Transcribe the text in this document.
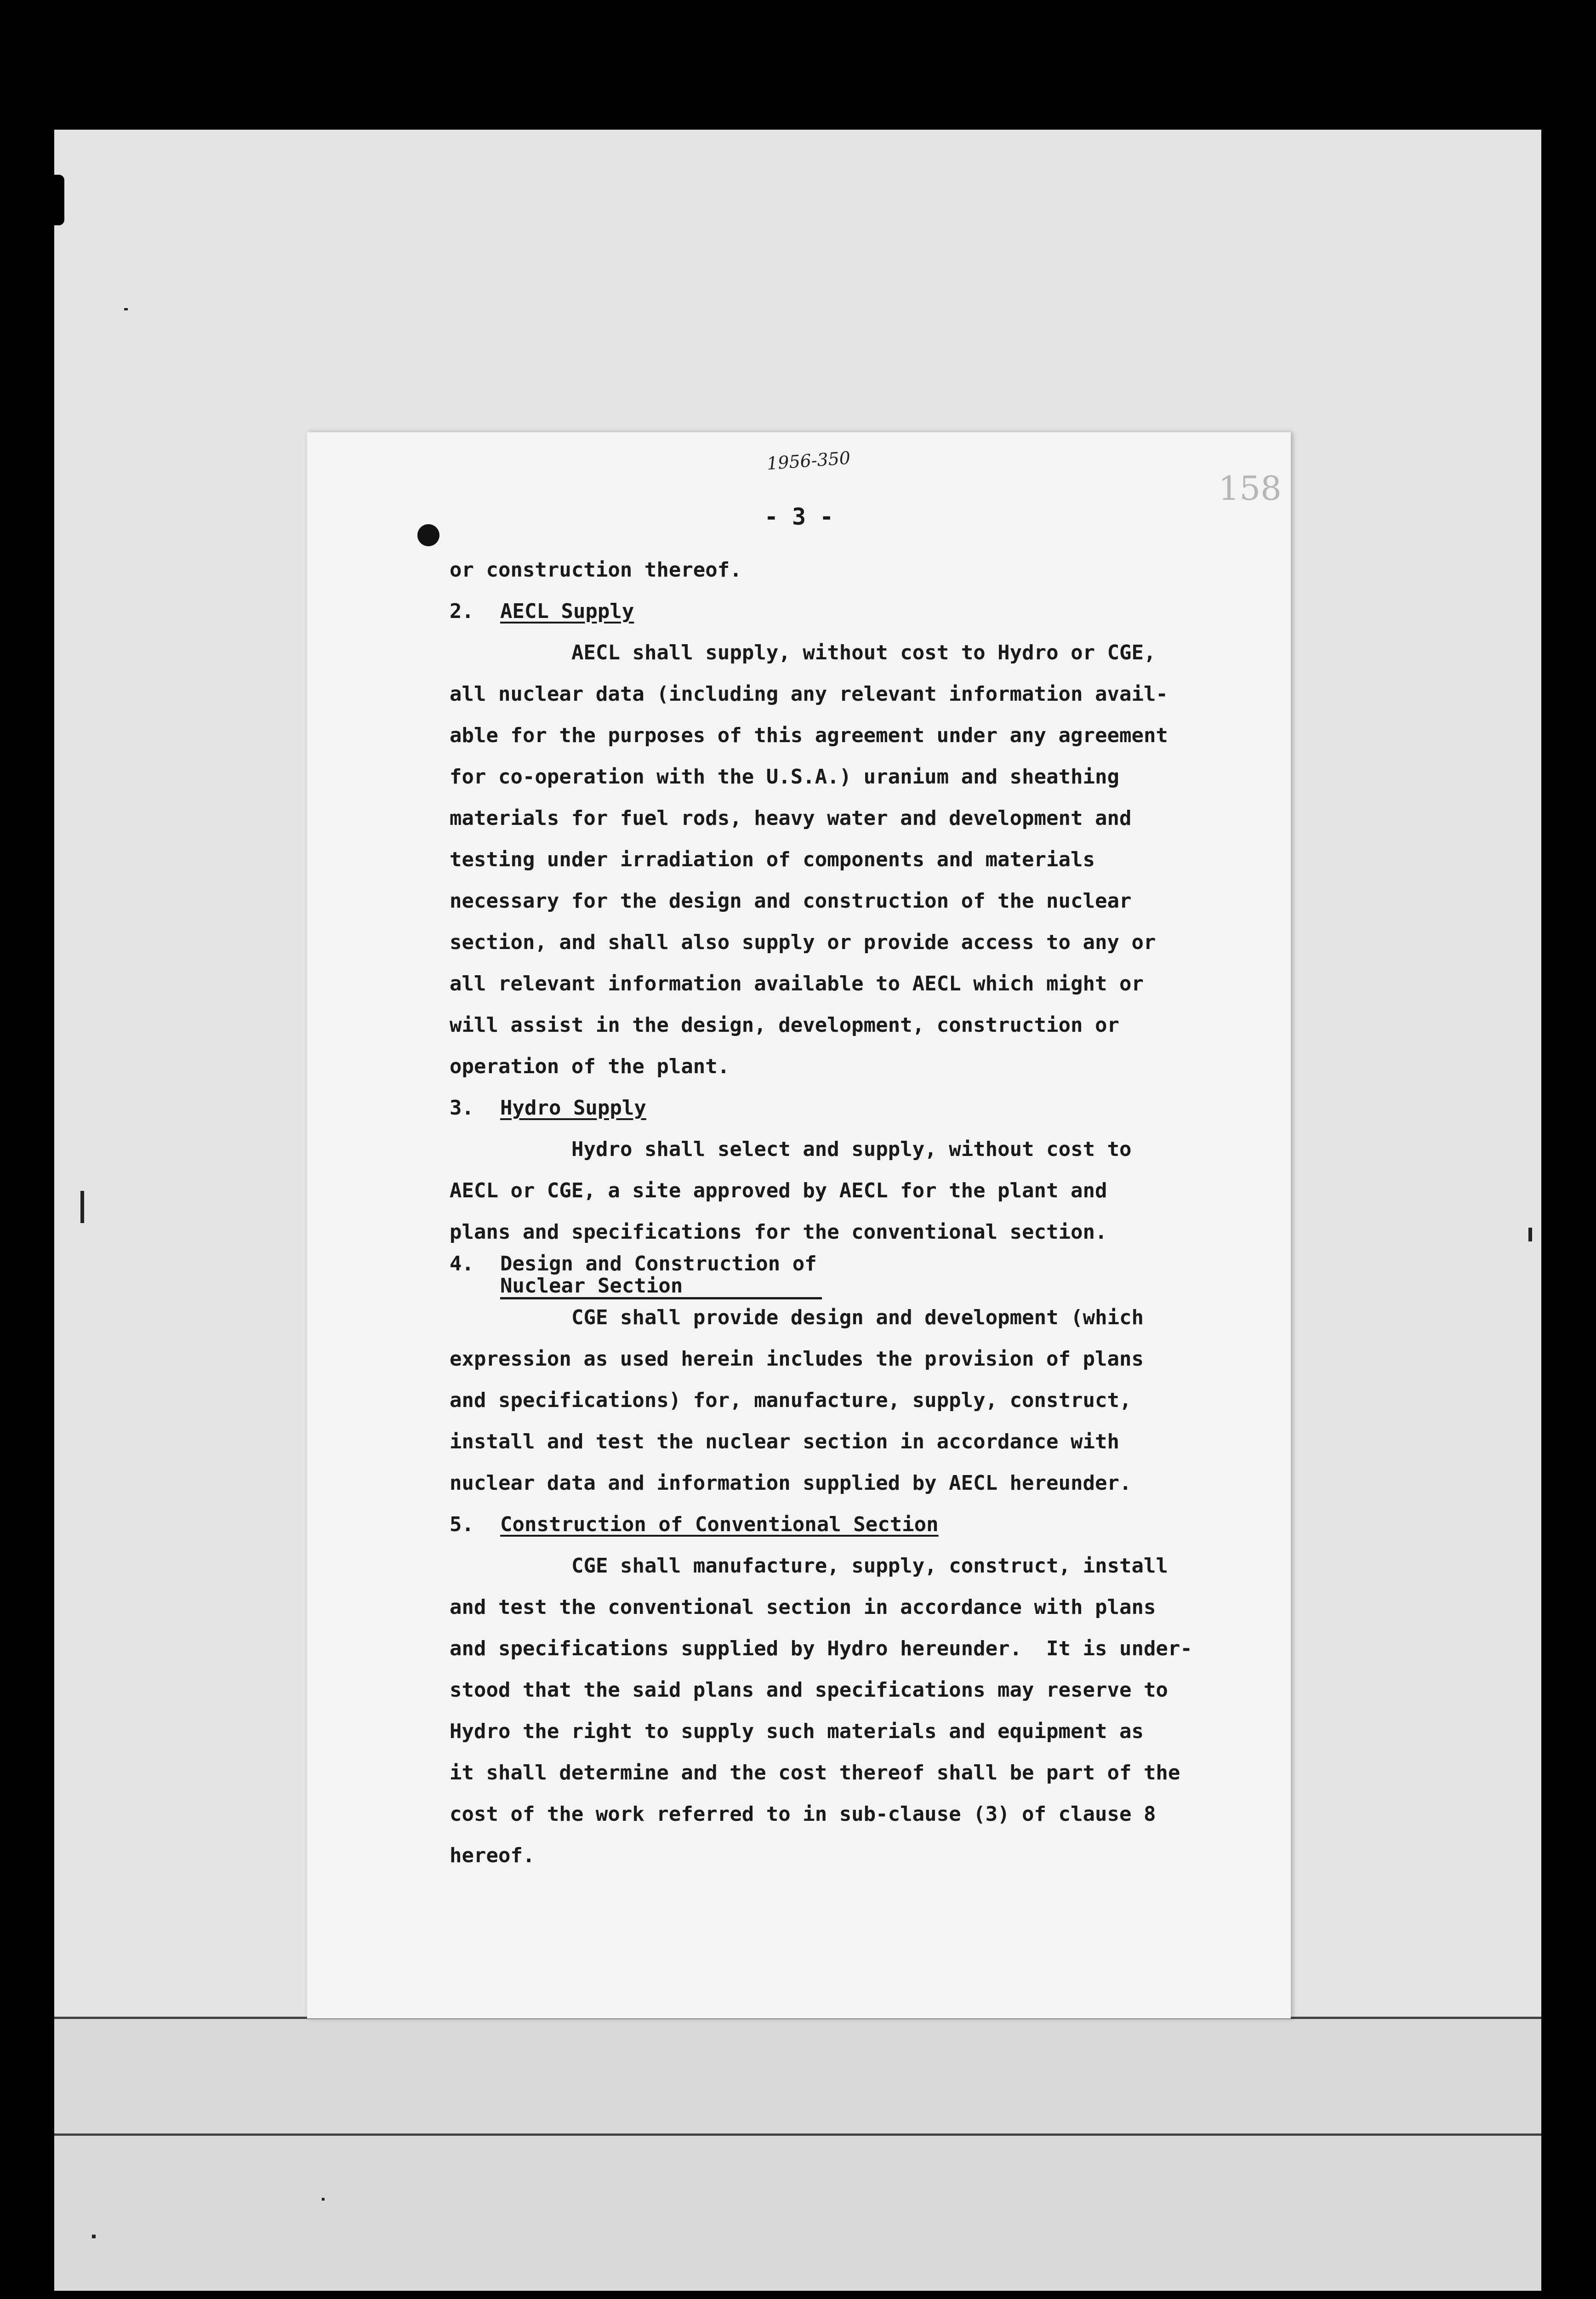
1956-350
158
- 3 -
or construction thereof.
2. AECL Supply
AECL shall supply, without cost to Hydro or CGE,
all nuclear data (including any relevant information avail-
able for the purposes of this agreement under any agreement
for co-operation with the U.S.A.) uranium and sheathing
materials for fuel rods, heavy water and development and
testing under irradiation of components and materials
necessary for the design and construction of the nuclear
section, and shall also supply or provide access to any or
all relevant information available to AECL which might or
will assist in the design, development, construction or
operation of the plant.
3. Hydro Supply
Hydro shall select and supply, without cost to
AECL or CGE, a site approved by AECL for the plant and
plans and specifications for the conventional section.
4. Design and Construction of
Nuclear Section
CGE shall provide design and development (which
expression as used herein includes the provision of plans
and specifications) for, manufacture, supply, construct,
install and test the nuclear section in accordance with
nuclear data and information supplied by AECL hereunder.
5. Construction of Conventional Section
CGE shall manufacture, supply, construct, install
and test the conventional section in accordance with plans
and specifications supplied by Hydro hereunder.  It is under-
stood that the said plans and specifications may reserve to
Hydro the right to supply such materials and equipment as
it shall determine and the cost thereof shall be part of the
cost of the work referred to in sub-clause (3) of clause 8
hereof.
